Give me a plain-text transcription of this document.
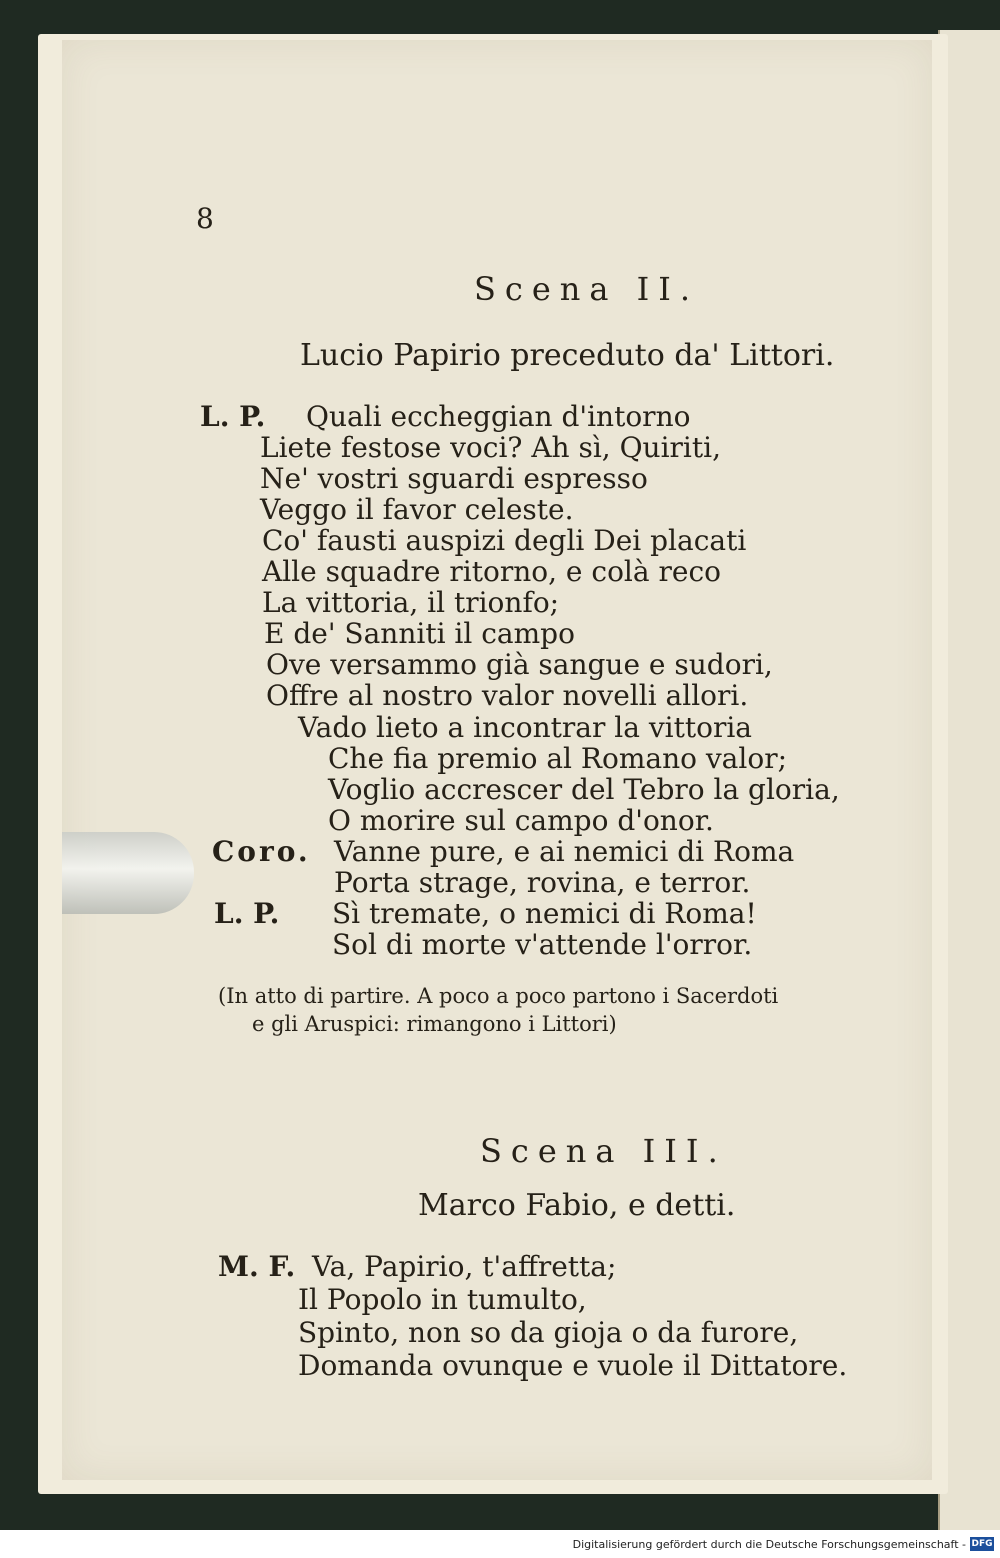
8
Scena II.
Lucio Papirio preceduto da' Littori.
L. P. Quali eccheggian d'intorno
Liete festose voci? Ah sì, Quiriti,
Ne' vostri sguardi espresso
Veggo il favor celeste.
Co' fausti auspizi degli Dei placati
Alle squadre ritorno, e colà reco
La vittoria, il trionfo;
E de' Sanniti il campo
Ove versammo già sangue e sudori,
Offre al nostro valor novelli allori.
Vado lieto a incontrar la vittoria
Che fia premio al Romano valor;
Voglio accrescer del Tebro la gloria,
O morire sul campo d'onor.
Coro. Vanne pure, e ai nemici di Roma
Porta strage, rovina, e terror.
L. P. Sì tremate, o nemici di Roma!
Sol di morte v'attende l'orror.
(In atto di partire. A poco a poco partono i Sacerdoti
e gli Aruspici: rimangono i Littori)
Scena III.
Marco Fabio, e detti.
M. F. Va, Papirio, t'affretta;
Il Popolo in tumulto,
Spinto, non so da gioja o da furore,
Domanda ovunque e vuole il Dittatore.
Digitalisierung gefördert durch die Deutsche Forschungsgemeinschaft - DFG
